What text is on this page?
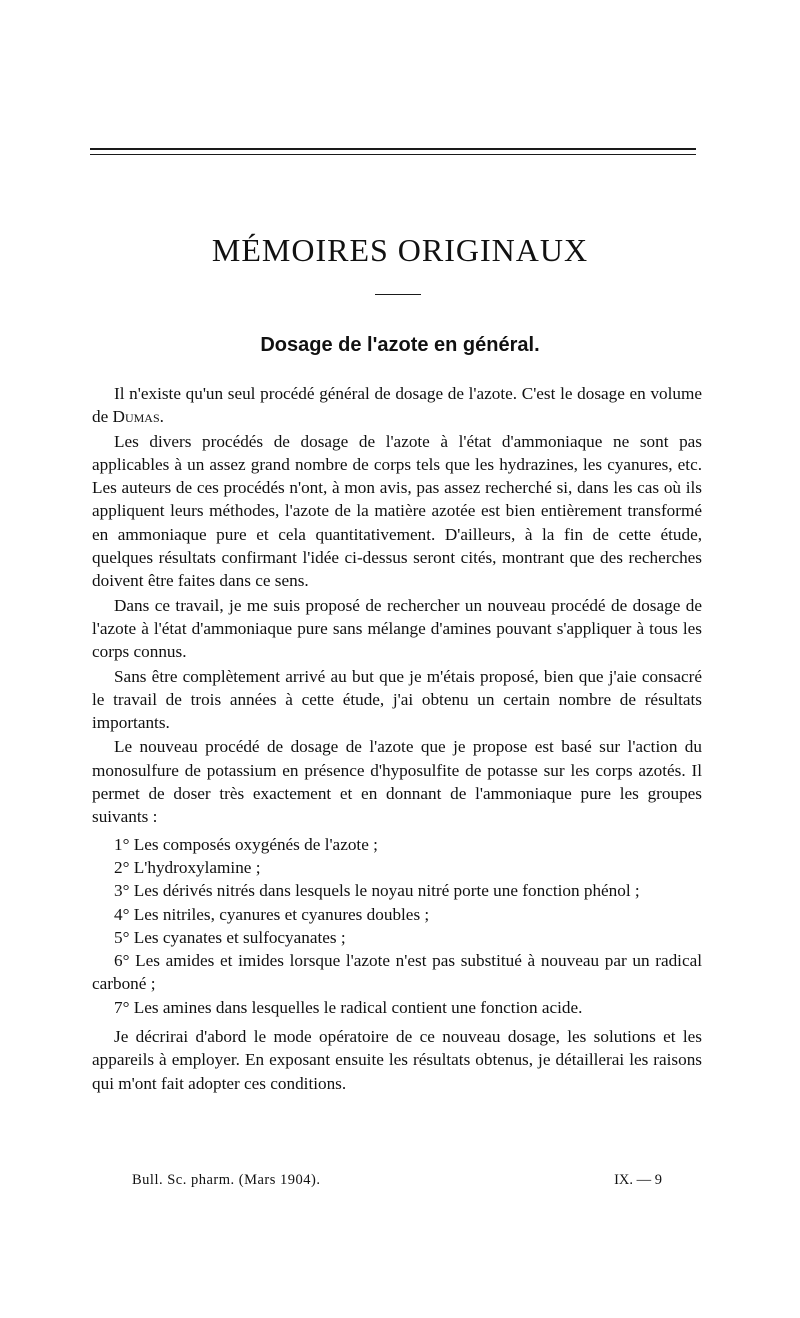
MÉMOIRES ORIGINAUX
Dosage de l'azote en général.

Il n'existe qu'un seul procédé général de dosage de l'azote. C'est le dosage en volume de Dumas.

Les divers procédés de dosage de l'azote à l'état d'ammoniaque ne sont pas applicables à un assez grand nombre de corps tels que les hydrazines, les cyanures, etc. Les auteurs de ces procédés n'ont, à mon avis, pas assez recherché si, dans les cas où ils appliquent leurs méthodes, l'azote de la matière azotée est bien entièrement transformé en ammoniaque pure et cela quantitativement. D'ailleurs, à la fin de cette étude, quelques résultats confirmant l'idée ci-dessus seront cités, montrant que des recherches doivent être faites dans ce sens.

Dans ce travail, je me suis proposé de rechercher un nouveau procédé de dosage de l'azote à l'état d'ammoniaque pure sans mélange d'amines pouvant s'appliquer à tous les corps connus.

Sans être complètement arrivé au but que je m'étais proposé, bien que j'aie consacré le travail de trois années à cette étude, j'ai obtenu un certain nombre de résultats importants.

Le nouveau procédé de dosage de l'azote que je propose est basé sur l'action du monosulfure de potassium en présence d'hyposulfite de potasse sur les corps azotés. Il permet de doser très exactement et en donnant de l'ammoniaque pure les groupes suivants :

1° Les composés oxygénés de l'azote ;

2° L'hydroxylamine ;

3° Les dérivés nitrés dans lesquels le noyau nitré porte une fonction phénol ;

4° Les nitriles, cyanures et cyanures doubles ;

5° Les cyanates et sulfocyanates ;

6° Les amides et imides lorsque l'azote n'est pas substitué à nouveau par un radical carboné ;

7° Les amines dans lesquelles le radical contient une fonction acide.

Je décrirai d'abord le mode opératoire de ce nouveau dosage, les solutions et les appareils à employer. En exposant ensuite les résultats obtenus, je détaillerai les raisons qui m'ont fait adopter ces conditions.

Bull. Sc. pharm. (Mars 1904).	IX. — 9
